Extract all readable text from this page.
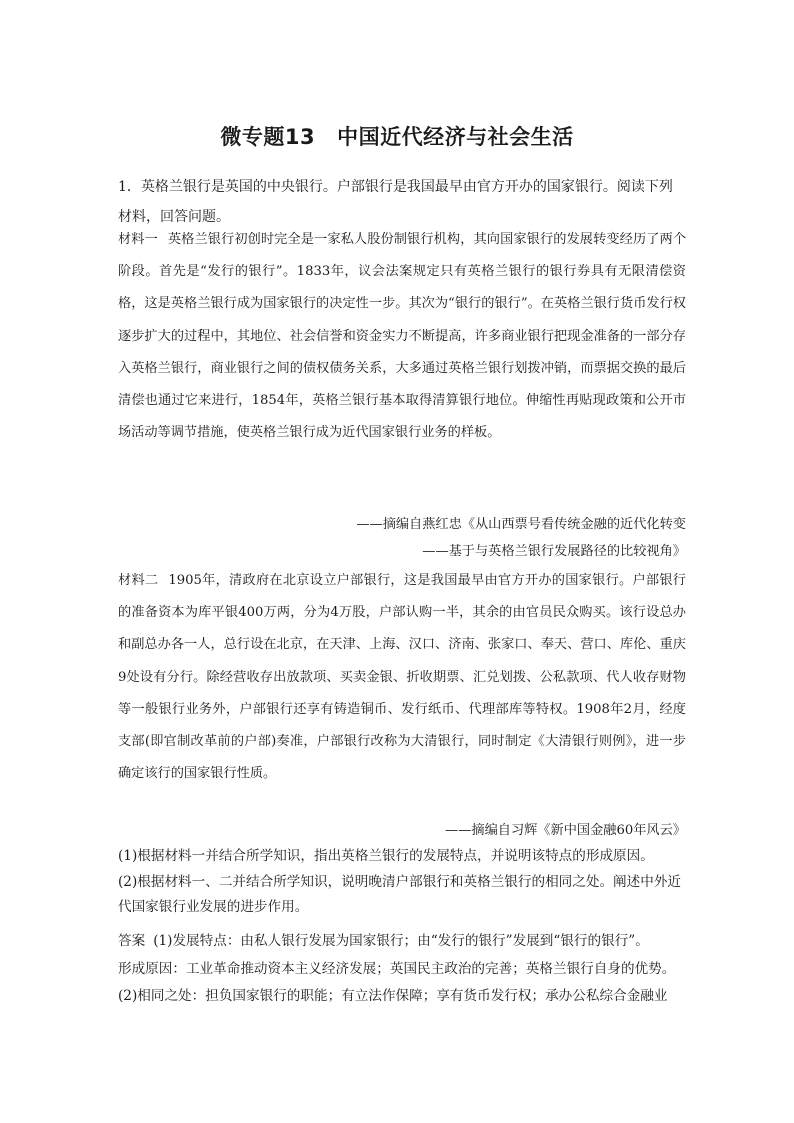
微专题13 中国近代经济与社会生活

1．英格兰银行是英国的中央银行。户部银行是我国最早由官方开办的国家银行。阅读下列材料，回答问题。

材料一 英格兰银行初创时完全是一家私人股份制银行机构，其向国家银行的发展转变经历了两个阶段。首先是“发行的银行”。1833年，议会法案规定只有英格兰银行的银行券具有无限清偿资格，这是英格兰银行成为国家银行的决定性一步。其次为“银行的银行”。在英格兰银行货币发行权逐步扩大的过程中，其地位、社会信誉和资金实力不断提高，许多商业银行把现金准备的一部分存入英格兰银行，商业银行之间的债权债务关系，大多通过英格兰银行划拨冲销，而票据交换的最后清偿也通过它来进行，1854年，英格兰银行基本取得清算银行地位。伸缩性再贴现政策和公开市场活动等调节措施，使英格兰银行成为近代国家银行业务的样板。

——摘编自燕红忠《从山西票号看传统金融的近代化转变
——基于与英格兰银行发展路径的比较视角》

材料二 1905年，清政府在北京设立户部银行，这是我国最早由官方开办的国家银行。户部银行的准备资本为库平银400万两，分为4万股，户部认购一半，其余的由官员民众购买。该行设总办和副总办各一人，总行设在北京，在天津、上海、汉口、济南、张家口、奉天、营口、库伦、重庆9处设有分行。除经营收存出放款项、买卖金银、折收期票、汇兑划拨、公私款项、代人收存财物等一般银行业务外，户部银行还享有铸造铜币、发行纸币、代理部库等特权。1908年2月，经度支部(即官制改革前的户部)奏准，户部银行改称为大清银行，同时制定《大清银行则例》，进一步确定该行的国家银行性质。

——摘编自习辉《新中国金融60年风云》

(1)根据材料一并结合所学知识，指出英格兰银行的发展特点，并说明该特点的形成原因。

(2)根据材料一、二并结合所学知识，说明晚清户部银行和英格兰银行的相同之处。阐述中外近代国家银行业发展的进步作用。

答案 (1)发展特点：由私人银行发展为国家银行；由“发行的银行”发展到“银行的银行”。

形成原因：工业革命推动资本主义经济发展；英国民主政治的完善；英格兰银行自身的优势。

(2)相同之处：担负国家银行的职能；有立法作保障；享有货币发行权；承办公私综合金融业
